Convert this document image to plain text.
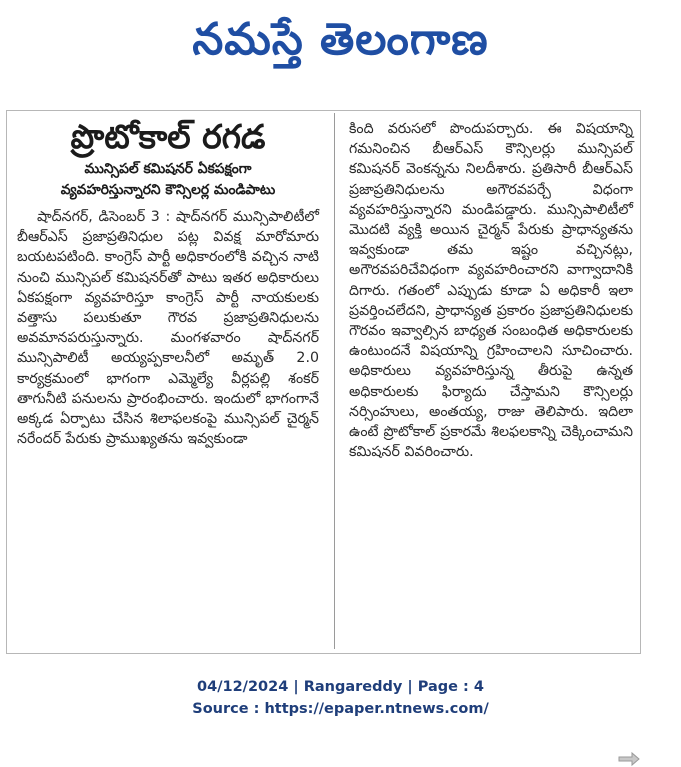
నమస్తే తెలంగాణ
ప్రొటోకాల్ రగడ
మున్సిపల్ కమిషనర్ ఏకపక్షంగా
వ్యవహరిస్తున్నారని కౌన్సిలర్ల మండిపాటు

షాద్‌నగర్, డిసెంబర్ 3 : షాద్‌నగర్ మున్సిపాలిటీలో బీఆర్‌ఎస్ ప్రజాప్రతినిధుల పట్ల వివక్ష మారోమారు బయటపటింది. కాంగ్రెస్ పార్టీ అధికారంలోకి వచ్చిన నాటి నుంచి మున్సిపల్ కమిషనర్‌తో పాటు ఇతర అధికారులు ఏకపక్షంగా వ్యవహరిస్తూ కాంగ్రెస్ పార్టీ నాయకులకు వత్తాసు పలుకుతూ గౌరవ ప్రజాప్రతినిధులను అవమానపరుస్తున్నారు. మంగళవారం షాద్‌నగర్ మున్సిపాలిటీ అయ్యప్పకాలనీలో అమృత్ 2.0 కార్యక్రమంలో భాగంగా ఎమ్మెల్యే వీర్లపల్లి శంకర్ తాగునీటి పనులను ప్రారంభించారు. ఇందులో భాగంగానే అక్కడ ఏర్పాటు చేసిన శిలాఫలకంపై మున్సిపల్ చైర్మన్ నరేందర్ పేరుకు ప్రాముఖ్యతను ఇవ్వకుండా

కింది వరుసలో పొందుపర్చారు. ఈ విషయాన్ని గమనించిన బీఆర్‌ఎస్ కౌన్సిలర్లు మున్సిపల్ కమిషనర్ వెంకన్నను నిలదీశారు. ప్రతిసారీ బీఆర్‌ఎస్ ప్రజాప్రతినిధులను అగౌరవపర్చే విధంగా వ్యవహరిస్తున్నారని మండిపడ్డారు. మున్సిపాలిటీలో మొదటి వ్యక్తి అయిన చైర్మన్ పేరుకు ప్రాధాన్యతను ఇవ్వకుండా తమ ఇష్టం వచ్చినట్లు, అగౌరవపరిచేవిధంగా వ్యవహరించారని వాగ్వాదానికి దిగారు. గతంలో ఎప్పుడు కూడా ఏ అధికారీ ఇలా ప్రవర్తించలేదని, ప్రాధాన్యత ప్రకారం ప్రజాప్రతినిధులకు గౌరవం ఇవ్వాల్సిన బాధ్యత సంబంధిత అధికారులకు ఉంటుందనే విషయాన్ని గ్రహించాలని సూచించారు. అధికారులు వ్యవహరిస్తున్న తీరుపై ఉన్నత అధికారులకు ఫిర్యాదు చేస్తామని కౌన్సిలర్లు నర్సింహులు, అంతయ్య, రాజు తెలిపారు. ఇదిలా ఉంటే ప్రొటోకాల్ ప్రకారమే శిలఫలకాన్ని చెక్కించామని కమిషనర్ వివరించారు.

04/12/2024 | Rangareddy | Page : 4
Source : https://epaper.ntnews.com/
